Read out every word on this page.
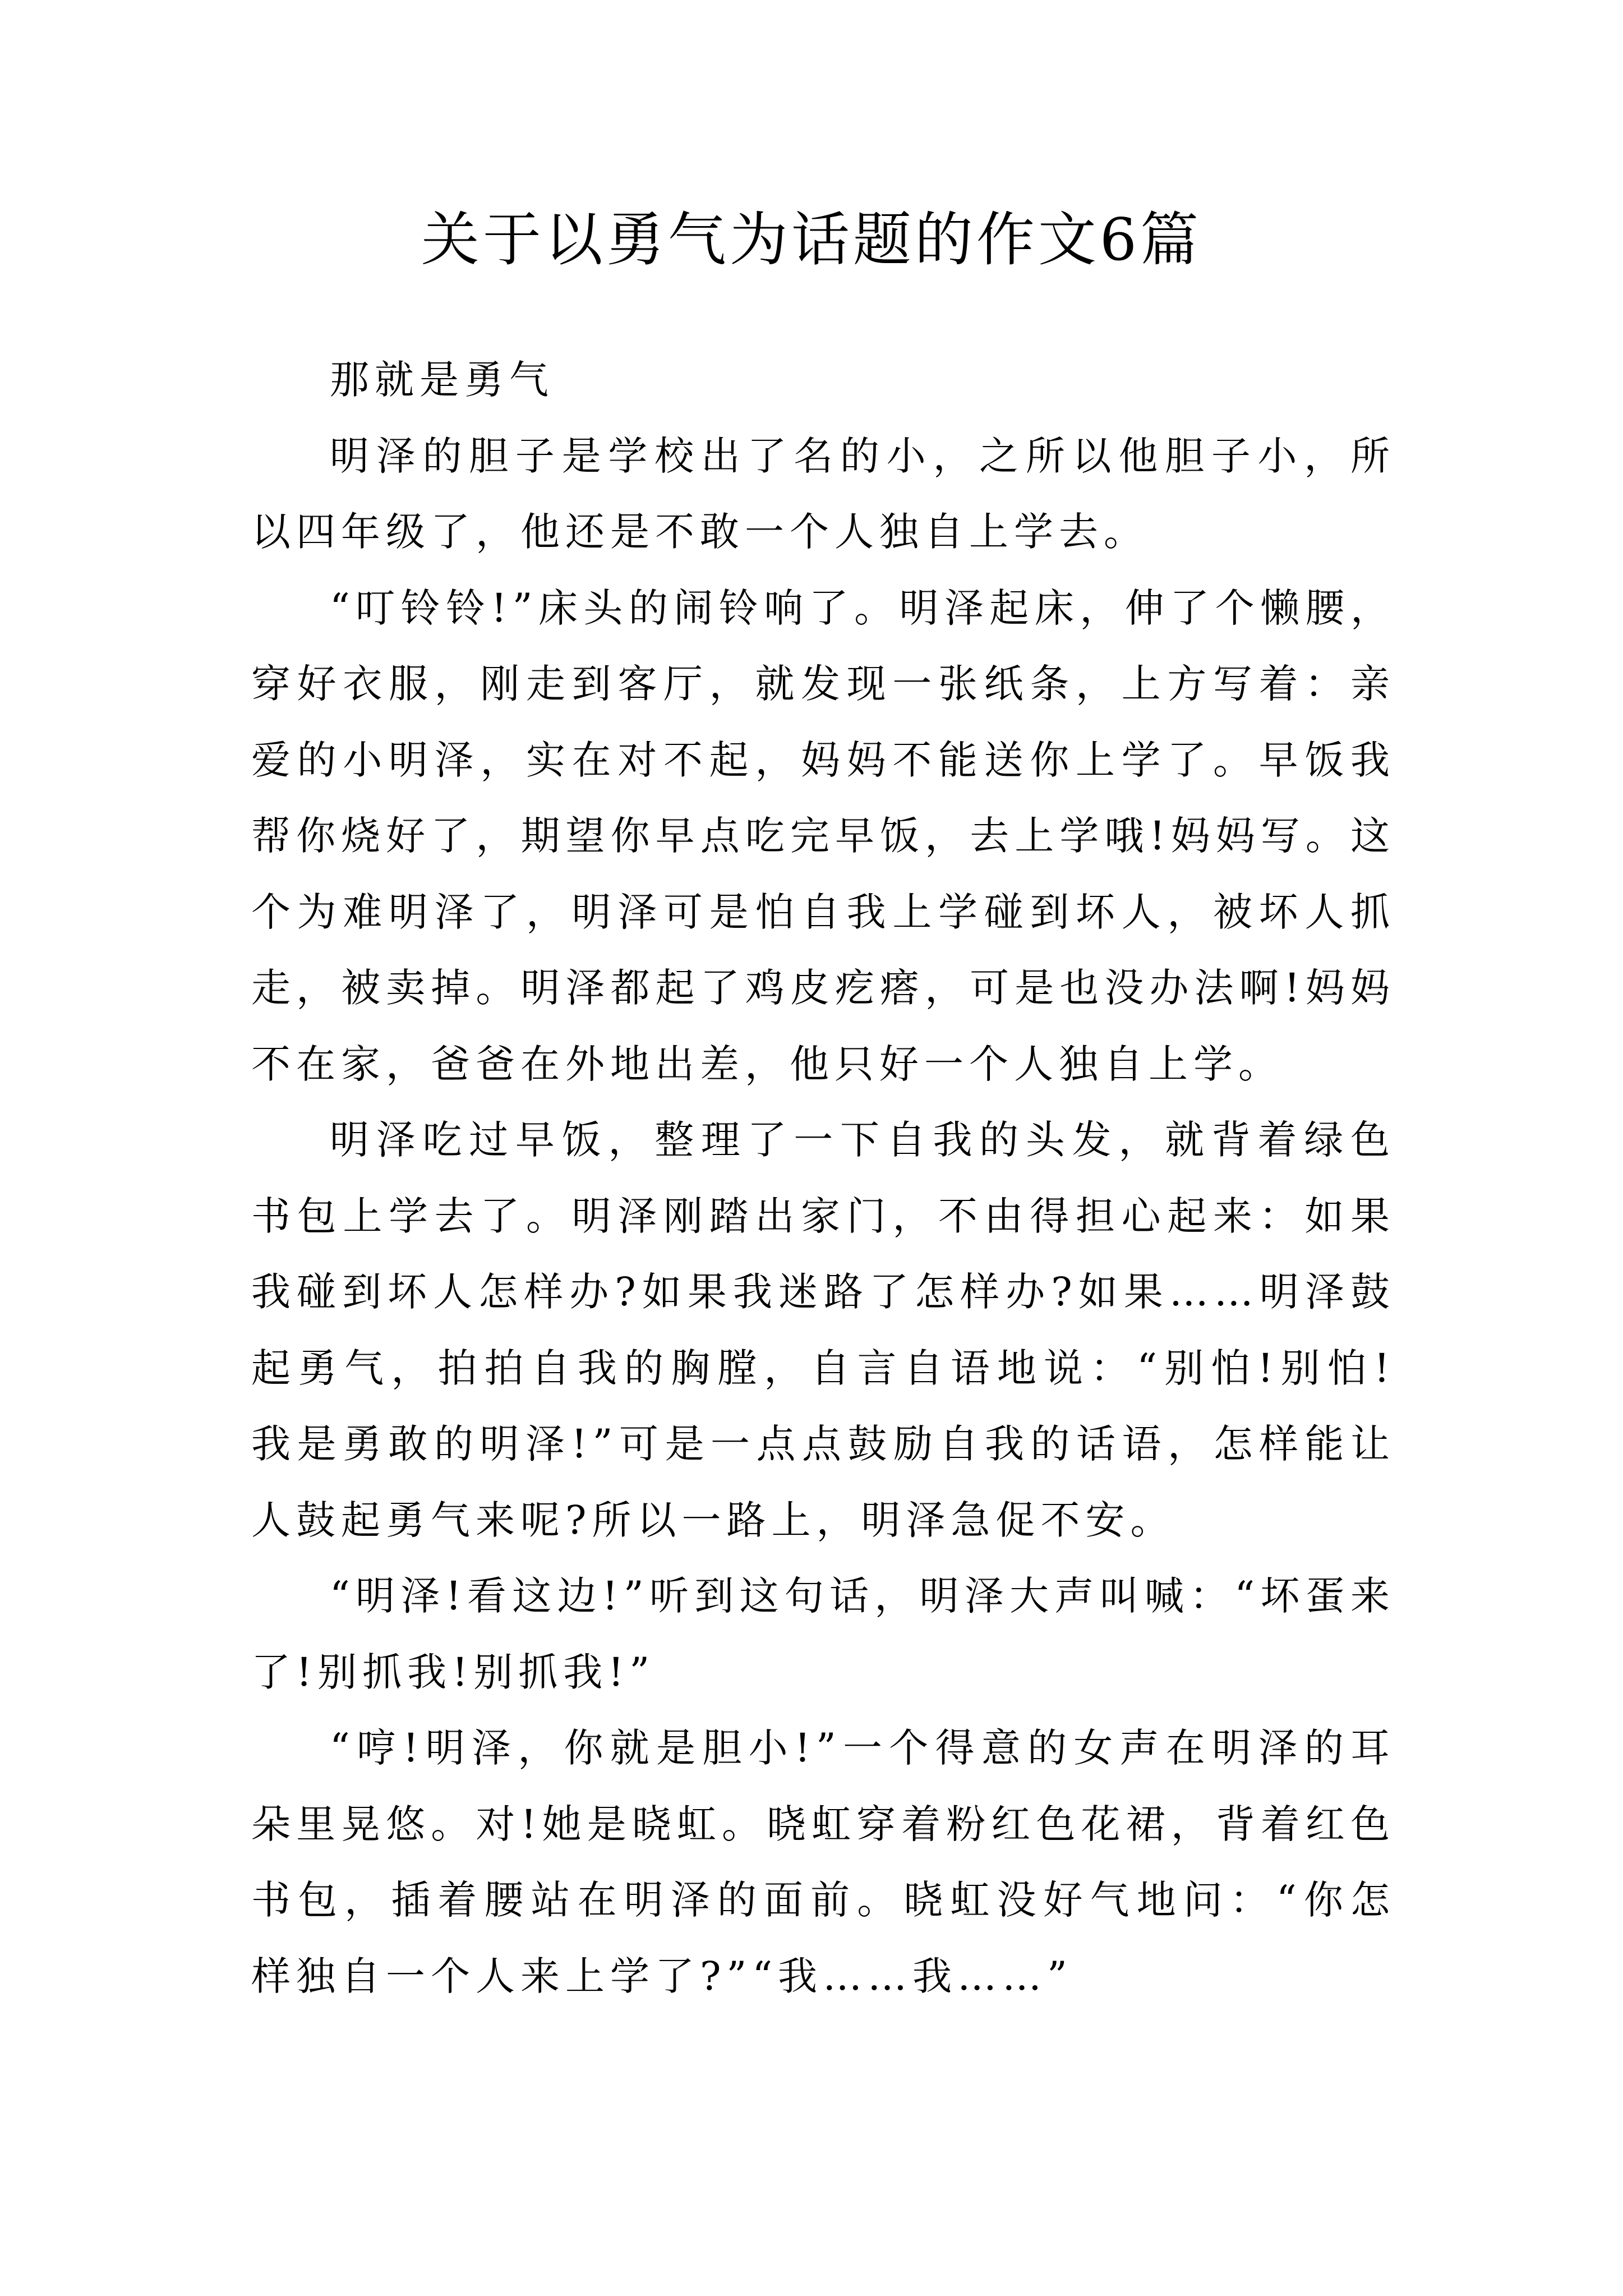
关于以勇气为话题的作文6篇

那就是勇气

明泽的胆子是学校出了名的小，之所以他胆子小，所以四年级了，他还是不敢一个人独自上学去。

“叮铃铃!”床头的闹铃响了。明泽起床，伸了个懒腰，穿好衣服，刚走到客厅，就发现一张纸条，上方写着：亲爱的小明泽，实在对不起，妈妈不能送你上学了。早饭我帮你烧好了，期望你早点吃完早饭，去上学哦!妈妈写。这个为难明泽了，明泽可是怕自我上学碰到坏人，被坏人抓走，被卖掉。明泽都起了鸡皮疙瘩，可是也没办法啊!妈妈不在家，爸爸在外地出差，他只好一个人独自上学。

明泽吃过早饭，整理了一下自我的头发，就背着绿色书包上学去了。明泽刚踏出家门，不由得担心起来：如果我碰到坏人怎样办?如果我迷路了怎样办?如果……明泽鼓起勇气，拍拍自我的胸膛，自言自语地说：“别怕!别怕!我是勇敢的明泽!”可是一点点鼓励自我的话语，怎样能让人鼓起勇气来呢?所以一路上，明泽急促不安。

“明泽!看这边!”听到这句话，明泽大声叫喊：“坏蛋来了!别抓我!别抓我!”

“哼!明泽，你就是胆小!”一个得意的女声在明泽的耳朵里晃悠。对!她是晓虹。晓虹穿着粉红色花裙，背着红色书包，插着腰站在明泽的面前。晓虹没好气地问：“你怎样独自一个人来上学了?”“我……我……”
